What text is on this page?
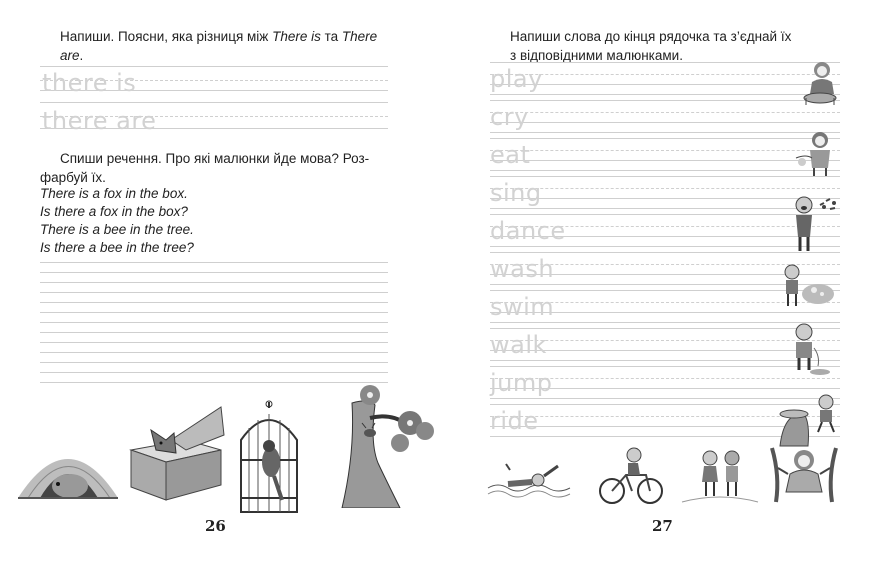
Напиши. Поясни, яка різниця між There is та There are.
there is
there are
Спиши речення. Про які малюнки йде мова? Роз-
фарбуй їх.
There is a fox in the box.
Is there a fox in the box?
There is a bee in the tree.
Is there a bee in the tree?
26
Напиши слова до кінця рядочка та з’єднай їх
з відповідними малюнками.
play
cry
eat
sing
dance
wash
swim
walk
jump
ride
27
